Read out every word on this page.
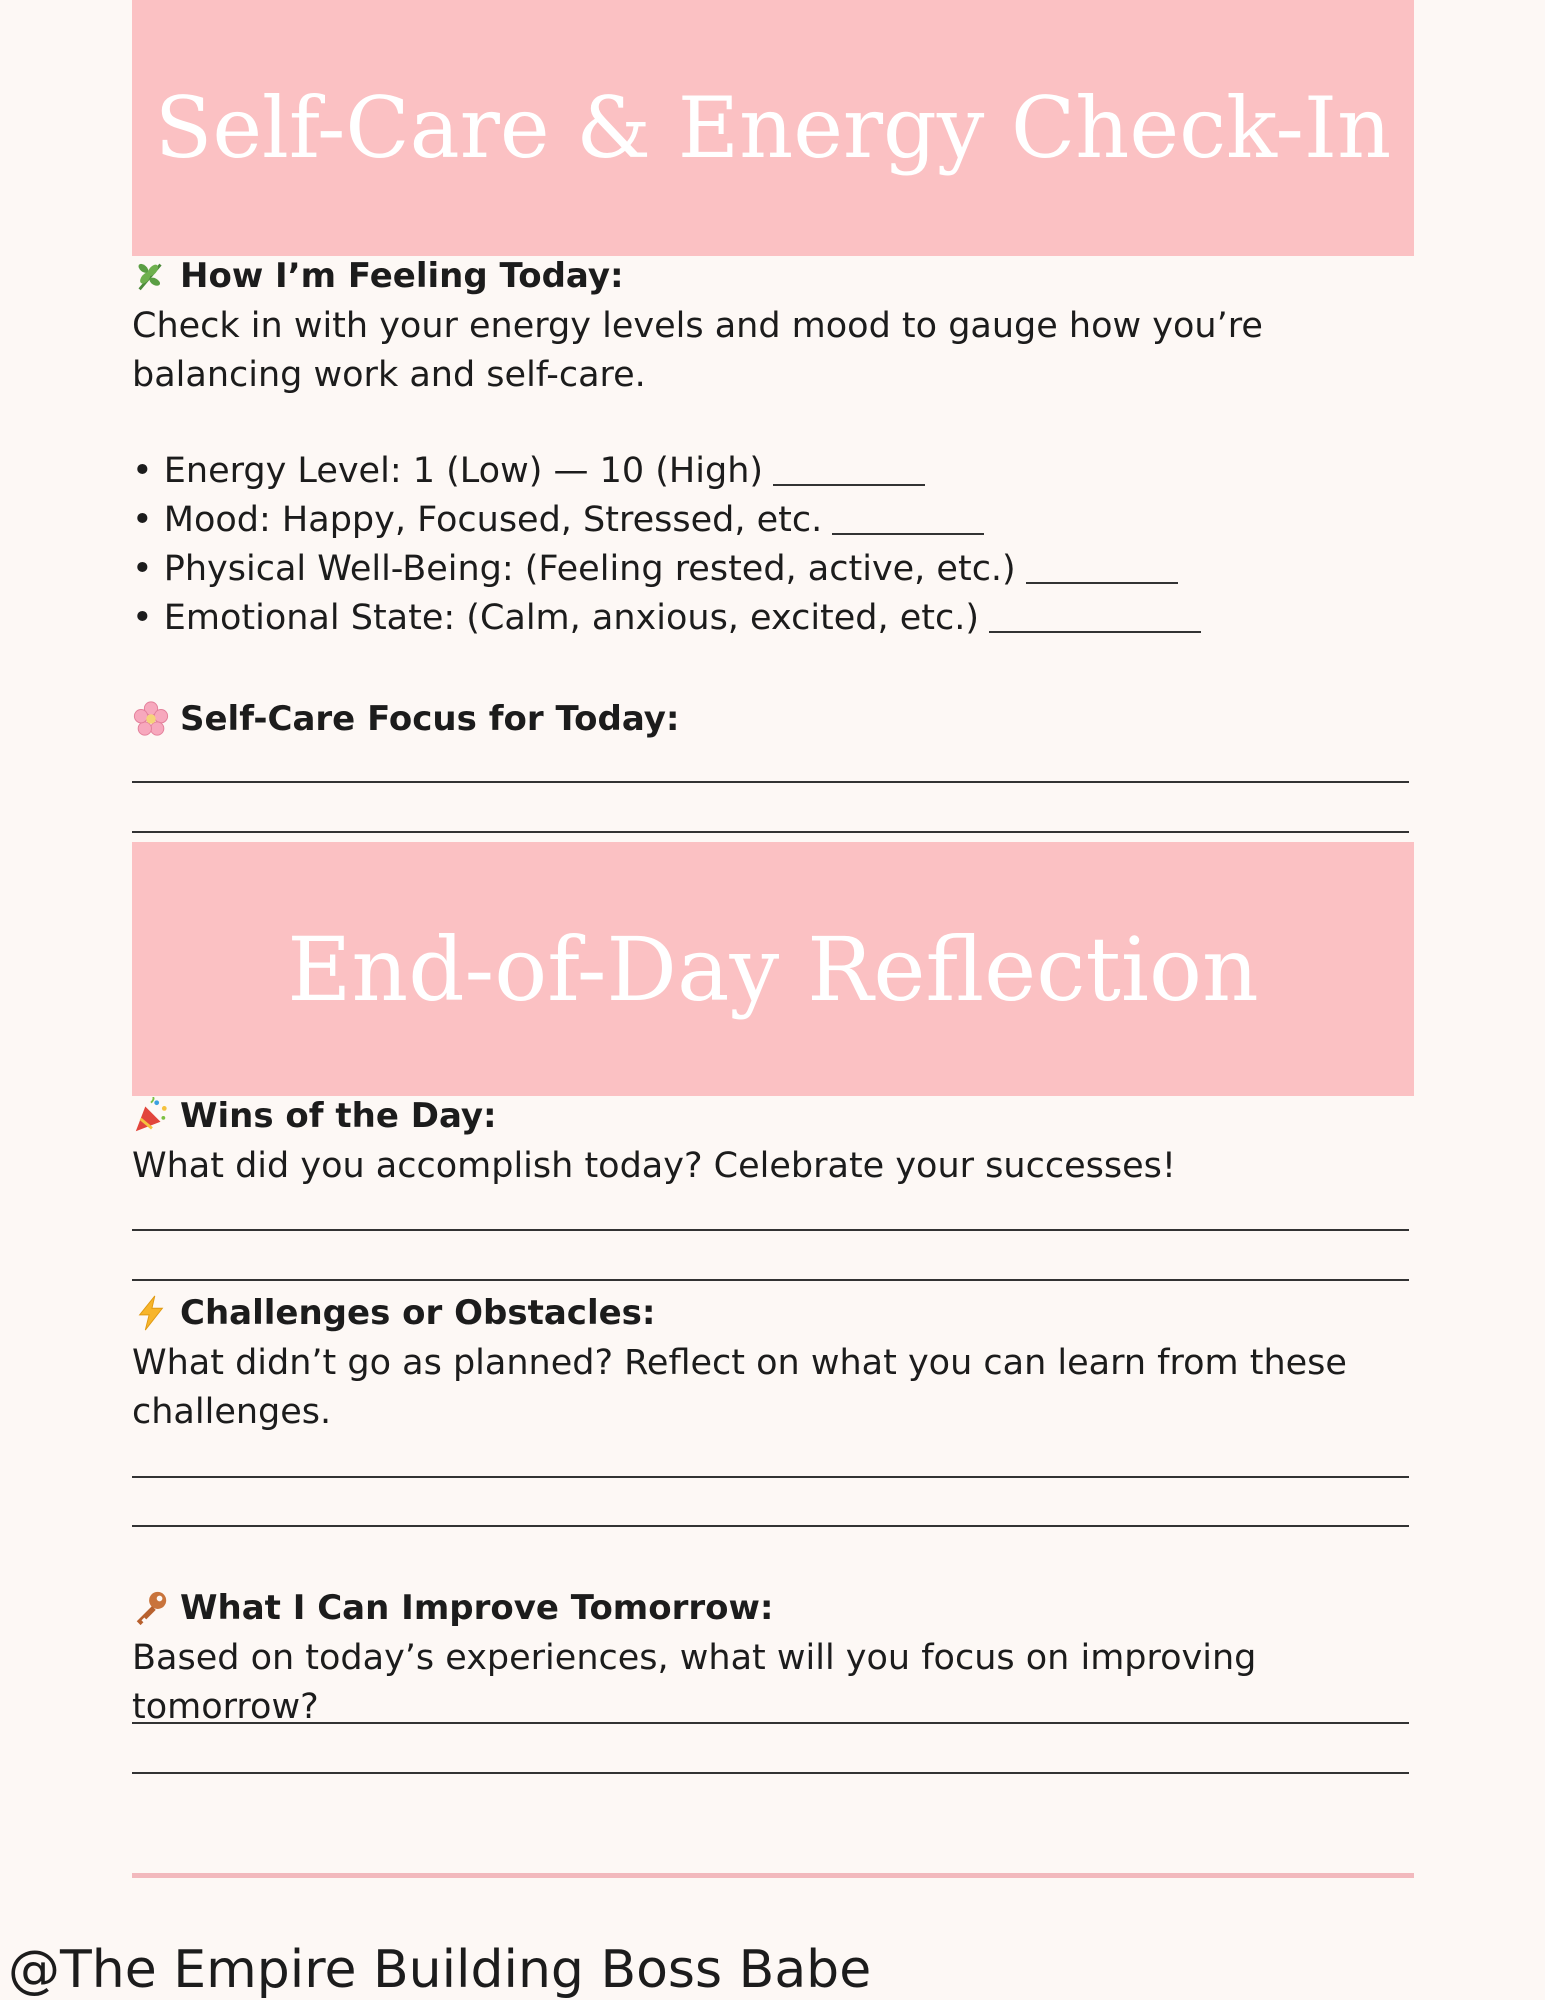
Self-Care & Energy Check-In
How I’m Feeling Today:
Check in with your energy levels and mood to gauge how you’re balancing work and self-care.
• Energy Level: 1 (Low) — 10 (High)
• Mood: Happy, Focused, Stressed, etc.
• Physical Well-Being: (Feeling rested, active, etc.)
• Emotional State: (Calm, anxious, excited, etc.)
Self-Care Focus for Today:
End-of-Day Reflection
Wins of the Day:
What did you accomplish today? Celebrate your successes!
Challenges or Obstacles:
What didn’t go as planned? Reflect on what you can learn from these challenges.
What I Can Improve Tomorrow:
Based on today’s experiences, what will you focus on improving tomorrow?
@The Empire Building Boss Babe
